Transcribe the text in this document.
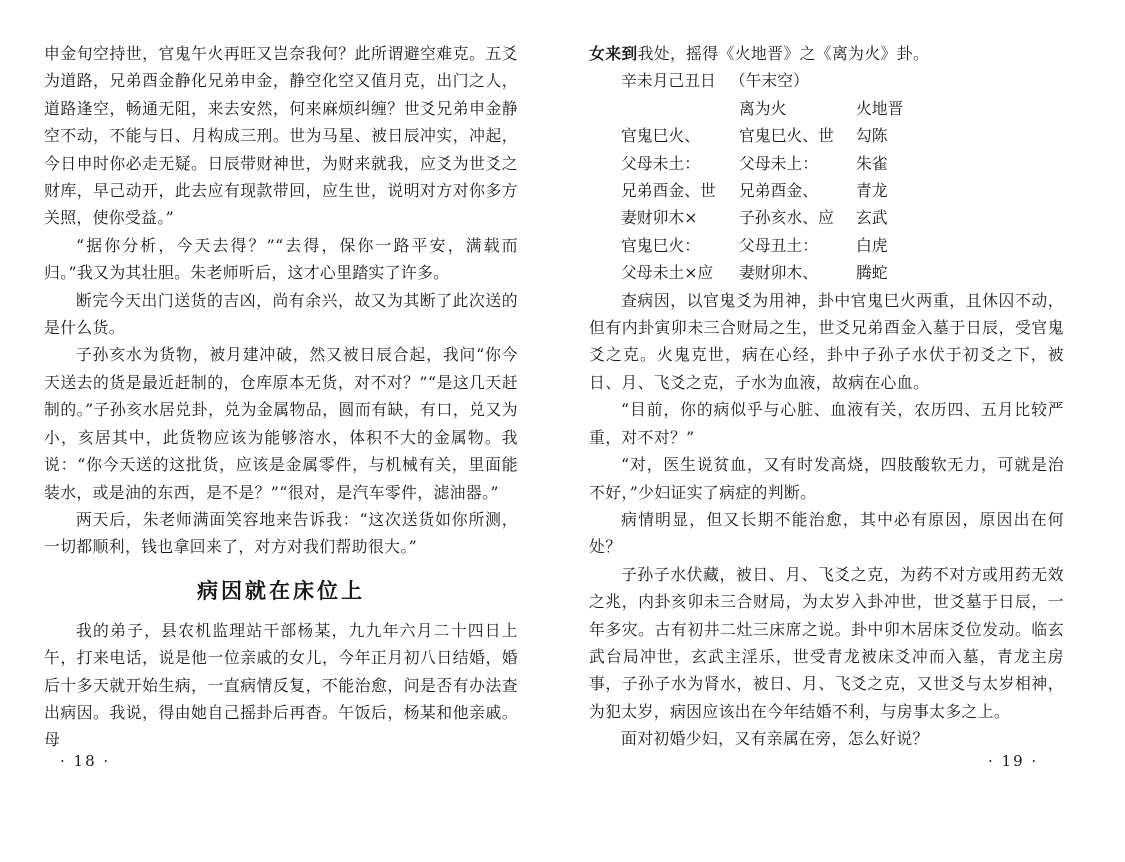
申金旬空持世，官鬼午火再旺又岂奈我何？此所谓避空难克。五爻为道路，兄弟酉金静化兄弟申金，静空化空又值月克，出门之人，道路逢空，畅通无阻，来去安然，何来麻烦纠缠？世爻兄弟申金静空不动，不能与日、月构成三刑。世为马星、被日辰冲实，冲起，今日申时你必走无疑。日辰带财神世，为财来就我，应爻为世爻之财库，早己动开，此去应有现款带回，应生世，说明对方对你多方关照，使你受益。”

“据你分析，今天去得？”“去得，保你一路平安，满载而归。”我又为其壮胆。朱老师听后，这才心里踏实了许多。

断完今天出门送货的吉凶，尚有余兴，故又为其断了此次送的是什么货。

子孙亥水为货物，被月建冲破，然又被日辰合起，我问“你今天送去的货是最近赶制的，仓库原本无货，对不对？”“是这几天赶制的。”子孙亥水居兑卦，兑为金属物品，圆而有缺，有口，兑又为小，亥居其中，此货物应该为能够溶水，体积不大的金属物。我说：“你今天送的这批货，应该是金属零件，与机械有关，里面能装水，或是油的东西，是不是？”“很对，是汽车零件，滤油器。”

两天后，朱老师满面笑容地来告诉我：“这次送货如你所测，一切都顺利，钱也拿回来了，对方对我们帮助很大。”

病因就在床位上

我的弟子，县农机监理站干部杨某，九九年六月二十四日上午，打来电话，说是他一位亲戚的女儿，今年正月初八日结婚，婚后十多天就开始生病，一直病情反复，不能治愈，问是否有办法查出病因。我说，得由她自己摇卦后再杳。午饭后，杨某和他亲戚。母

· 18 ·

女来到我处，摇得《火地晋》之《离为火》卦。

辛未月己丑日 （午末空）
	离为火	火地晋
官鬼巳火、	官鬼巳火、世	勾陈
父母未土：	父母未上：	朱雀
兄弟酉金、世	兄弟酉金、	青龙
妻财卯木×	子孙亥水、应	玄武
官鬼巳火：	父母丑土：	白虎
父母未土×应	妻财卯木、	腾蛇

查病因，以官鬼爻为用神，卦中官鬼巳火两重，且休囚不动，但有内卦寅卯未三合财局之生，世爻兄弟酉金入墓于日辰，受官鬼爻之克。火鬼克世，病在心经，卦中子孙子水伏于初爻之下，被日、月、飞爻之克，子水为血液，故病在心血。

“目前，你的病似乎与心脏、血液有关，农历四、五月比较严重，对不对？”

“对，医生说贫血，又有时发高烧，四肢酸软无力，可就是治不好，”少妇证实了病症的判断。

病情明显，但又长期不能治愈，其中必有原因，原因出在何处？

子孙子水伏藏，被日、月、飞爻之克，为药不对方或用药无效之兆，内卦亥卯未三合财局，为太岁入卦冲世，世爻墓于日辰，一年多灾。古有初井二灶三床席之说。卦中卯木居床爻位发动。临玄武台局冲世，玄武主淫乐，世受青龙被床爻冲而入墓，青龙主房事，子孙子水为肾水，被日、月、飞爻之克，又世爻与太岁相神，为犯太岁，病因应该出在今年结婚不利，与房事太多之上。

面对初婚少妇，又有亲属在旁，怎么好说？

· 19 ·
